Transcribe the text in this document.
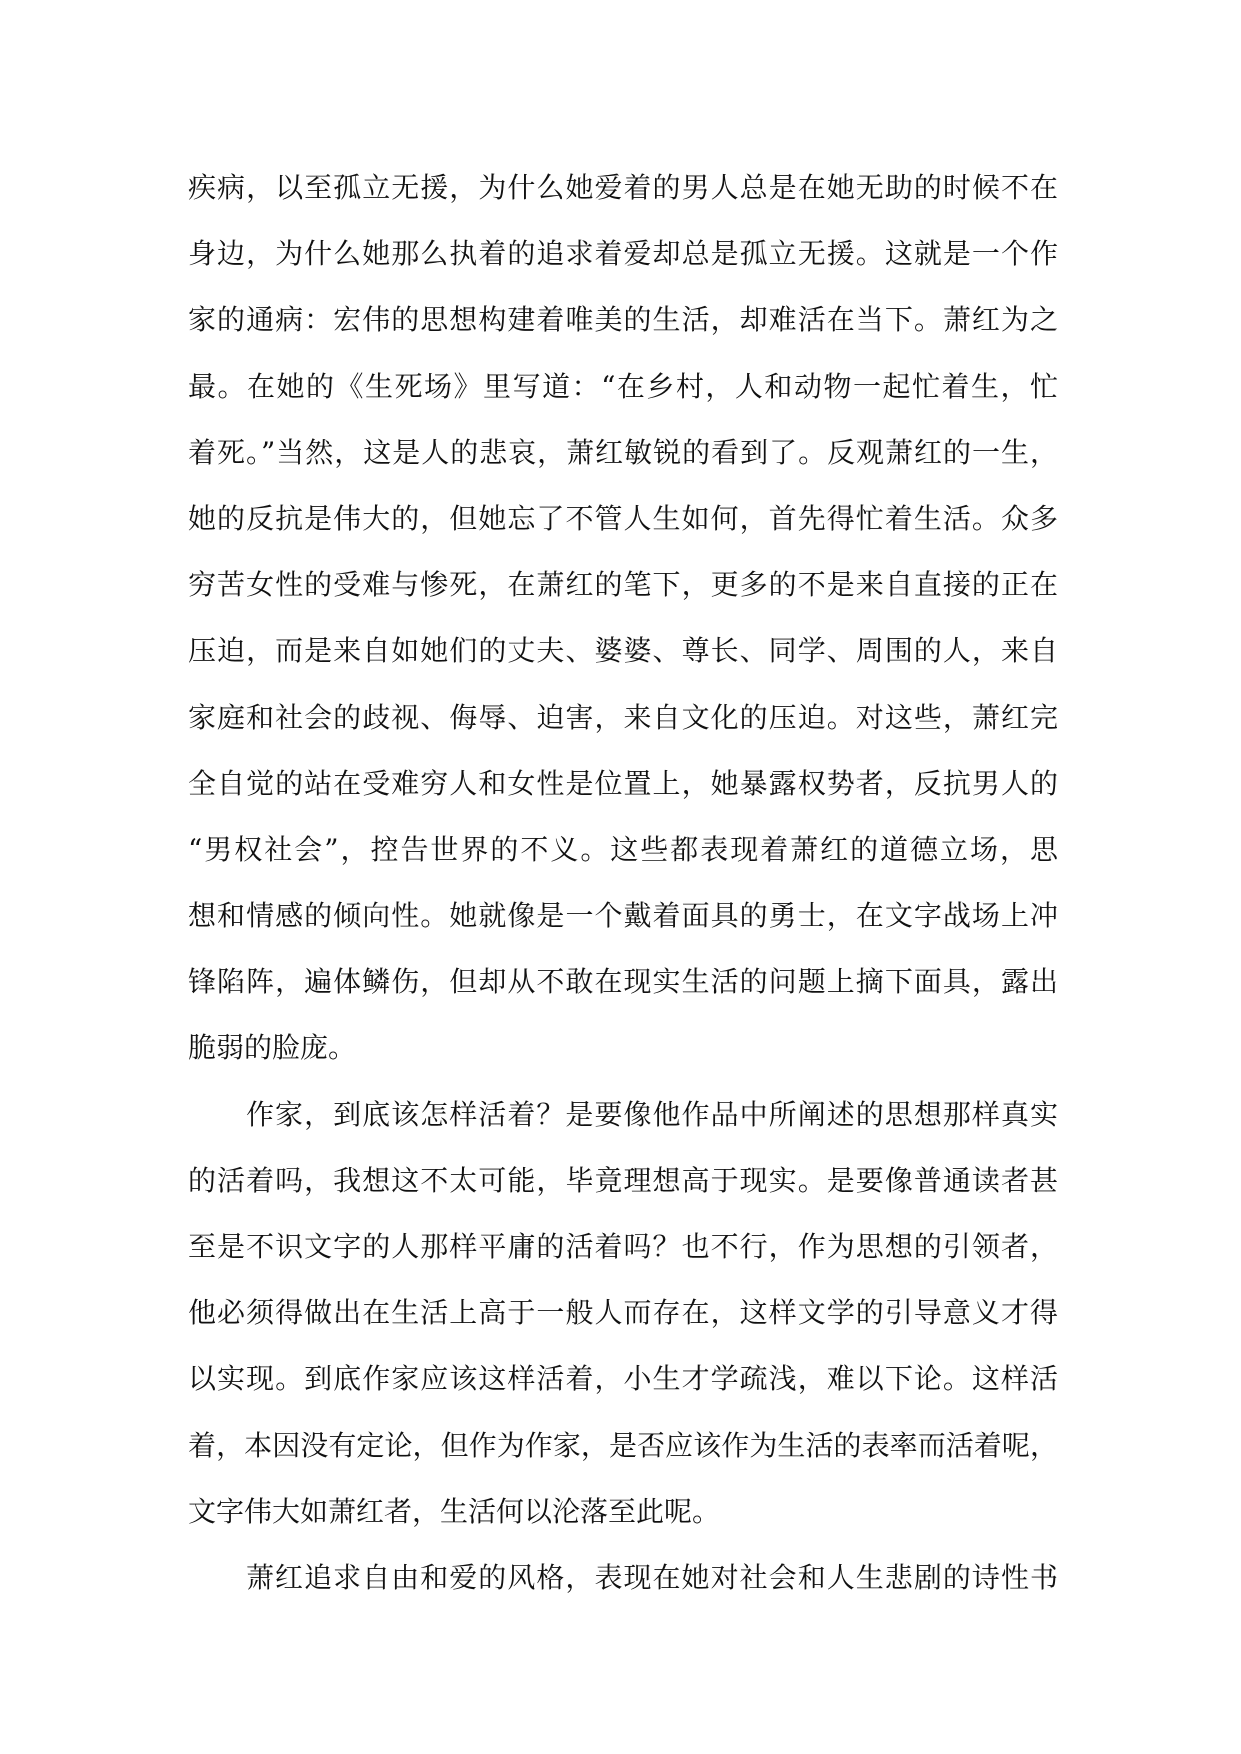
疾病，以至孤立无援，为什么她爱着的男人总是在她无助的时候不在
身边，为什么她那么执着的追求着爱却总是孤立无援。这就是一个作
家的通病：宏伟的思想构建着唯美的生活，却难活在当下。萧红为之
最。在她的《生死场》里写道：“在乡村，人和动物一起忙着生，忙
着死。”当然，这是人的悲哀，萧红敏锐的看到了。反观萧红的一生，
她的反抗是伟大的，但她忘了不管人生如何，首先得忙着生活。众多
穷苦女性的受难与惨死，在萧红的笔下，更多的不是来自直接的正在
压迫，而是来自如她们的丈夫、婆婆、尊长、同学、周围的人，来自
家庭和社会的歧视、侮辱、迫害，来自文化的压迫。对这些，萧红完
全自觉的站在受难穷人和女性是位置上，她暴露权势者，反抗男人的
“男权社会”，控告世界的不义。这些都表现着萧红的道德立场，思
想和情感的倾向性。她就像是一个戴着面具的勇士，在文字战场上冲
锋陷阵，遍体鳞伤，但却从不敢在现实生活的问题上摘下面具，露出
脆弱的脸庞。
作家，到底该怎样活着？是要像他作品中所阐述的思想那样真实
的活着吗，我想这不太可能，毕竟理想高于现实。是要像普通读者甚
至是不识文字的人那样平庸的活着吗？也不行，作为思想的引领者，
他必须得做出在生活上高于一般人而存在，这样文学的引导意义才得
以实现。到底作家应该这样活着，小生才学疏浅，难以下论。这样活
着，本因没有定论，但作为作家，是否应该作为生活的表率而活着呢，
文字伟大如萧红者，生活何以沦落至此呢。
萧红追求自由和爱的风格，表现在她对社会和人生悲剧的诗性书
